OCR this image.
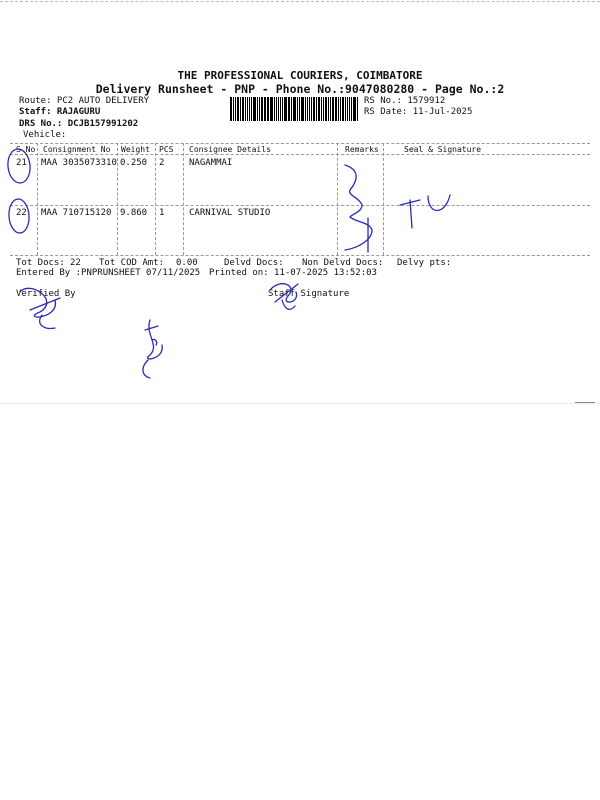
THE PROFESSIONAL COURIERS, COIMBATORE
Delivery Runsheet - PNP - Phone No.:9047080280 - Page No.:2
Route: PC2 AUTO DELIVERY
Staff: RAJAGURU
DRS No.: DCJB157991202
Vehicle:
RS No.: 1579912
RS Date: 11-Jul-2025
S No Consignment No Weight PCS Consignee Details	Remarks	Seal & Signature
21 MAA 3035073310 0.250 2	NAGAMMAI
22 MAA 710715120 9.860 1	CARNIVAL STUDIO
Tot Docs: 22 Tot COD Amt: 0.00	Delvd Docs: Non Delvd Docs: Delvy pts:
Entered By :PNPRUNSHEET 07/11/2025 Printed on: 11-07-2025 13:52:03
Verified By	Staff Signature
